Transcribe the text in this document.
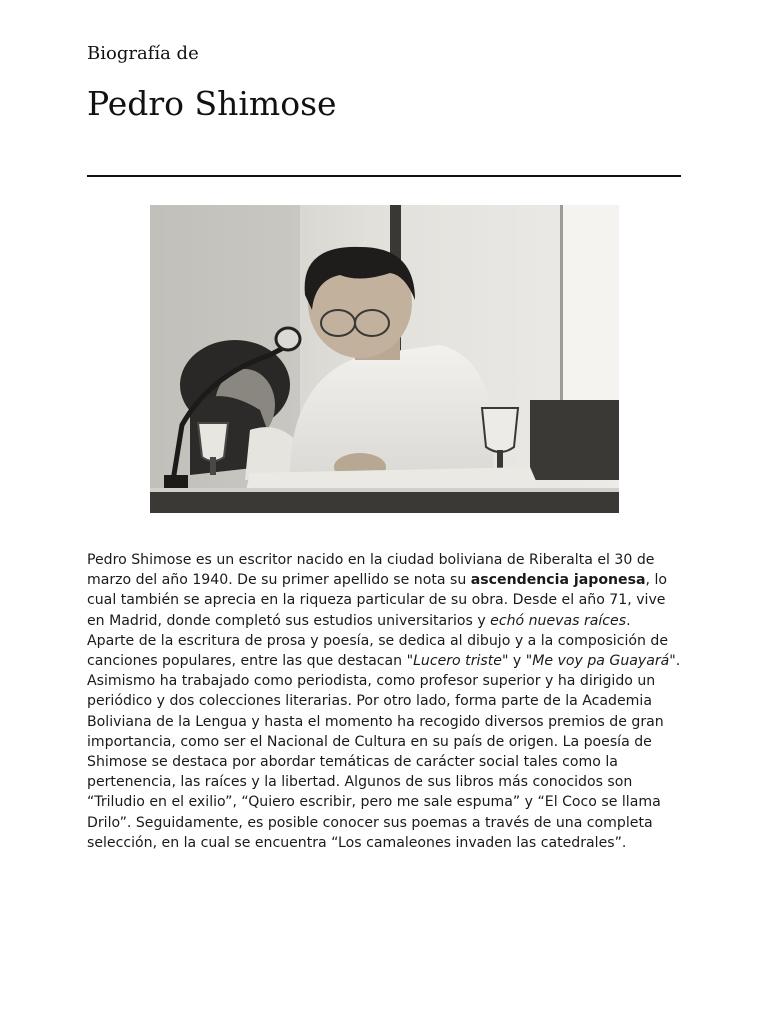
Biografía de
Pedro Shimose

Pedro Shimose es un escritor nacido en la ciudad boliviana de Riberalta el 30 de marzo del año 1940. De su primer apellido se nota su ascendencia japonesa, lo cual también se aprecia en la riqueza particular de su obra. Desde el año 71, vive en Madrid, donde completó sus estudios universitarios y echó nuevas raíces. Aparte de la escritura de prosa y poesía, se dedica al dibujo y a la composición de canciones populares, entre las que destacan "Lucero triste" y "Me voy pa Guayará". Asimismo ha trabajado como periodista, como profesor superior y ha dirigido un periódico y dos colecciones literarias. Por otro lado, forma parte de la Academia Boliviana de la Lengua y hasta el momento ha recogido diversos premios de gran importancia, como ser el Nacional de Cultura en su país de origen. La poesía de Shimose se destaca por abordar temáticas de carácter social tales como la pertenencia, las raíces y la libertad. Algunos de sus libros más conocidos son “Triludio en el exilio”, “Quiero escribir, pero me sale espuma” y “El Coco se llama Drilo”. Seguidamente, es posible conocer sus poemas a través de una completa selección, en la cual se encuentra “Los camaleones invaden las catedrales”.
